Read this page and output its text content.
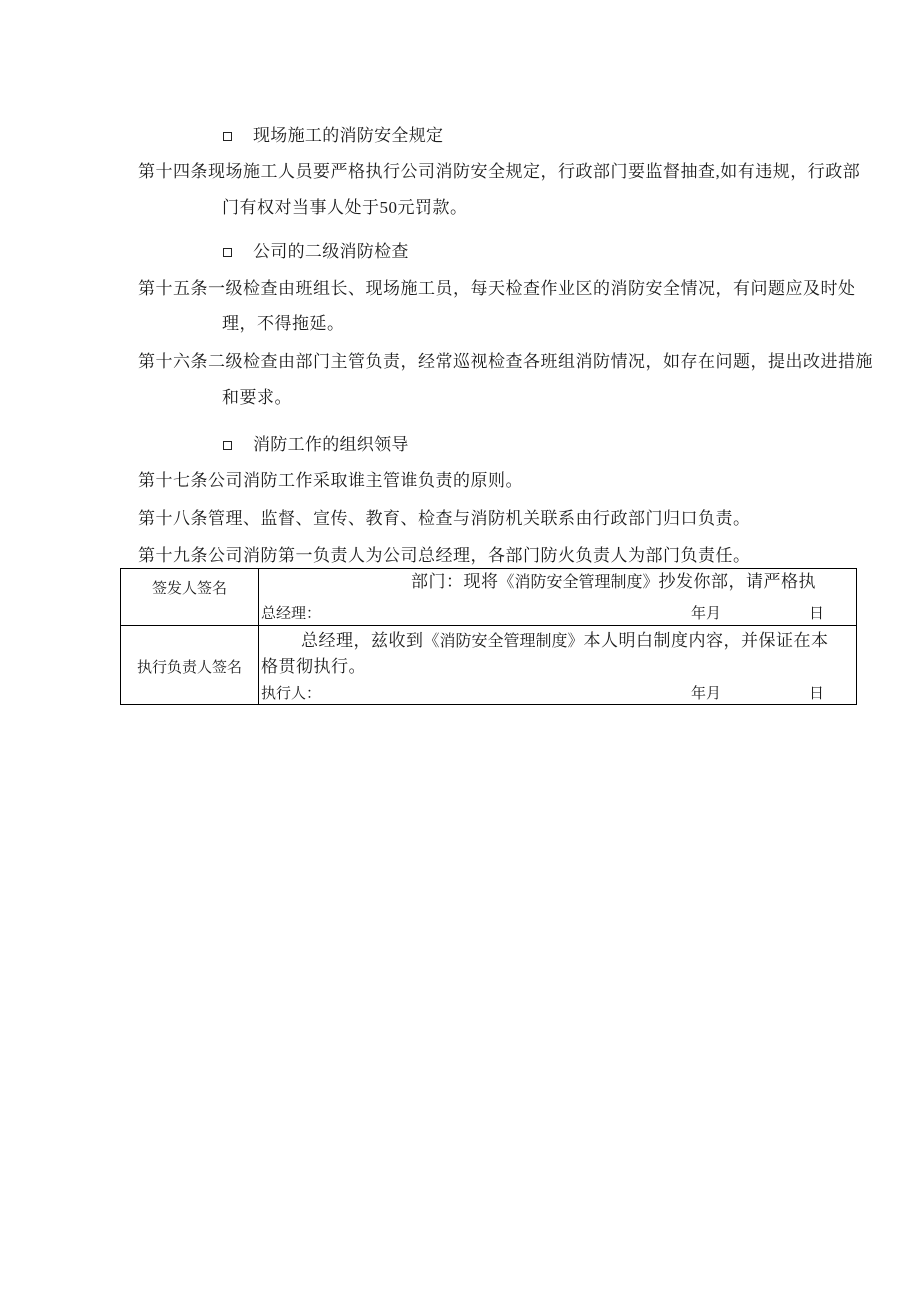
现场施工的消防安全规定
第十四条现场施工人员要严格执行公司消防安全规定，行政部门要监督抽查,如有违规，行政部
门有权对当事人处于50元罚款。
公司的二级消防检查
第十五条一级检查由班组长、现场施工员，每天检查作业区的消防安全情况，有问题应及时处
理，不得拖延。
第十六条二级检查由部门主管负责，经常巡视检查各班组消防情况，如存在问题，提出改进措施
和要求。
消防工作的组织领导
第十七条公司消防工作采取谁主管谁负责的原则。
第十八条管理、监督、宣传、教育、检查与消防机关联系由行政部门归口负责。
第十九条公司消防第一负责人为公司总经理，各部门防火负责人为部门负责任。
签发人签名	部门：现将《消防安全管理制度》抄发你部，请严格执
总经理：	年月	日
执行负责人签名
总经理，兹收到《消防安全管理制度》本人明白制度内容，并保证在本
格贯彻执行。
执行人：	年月	日
